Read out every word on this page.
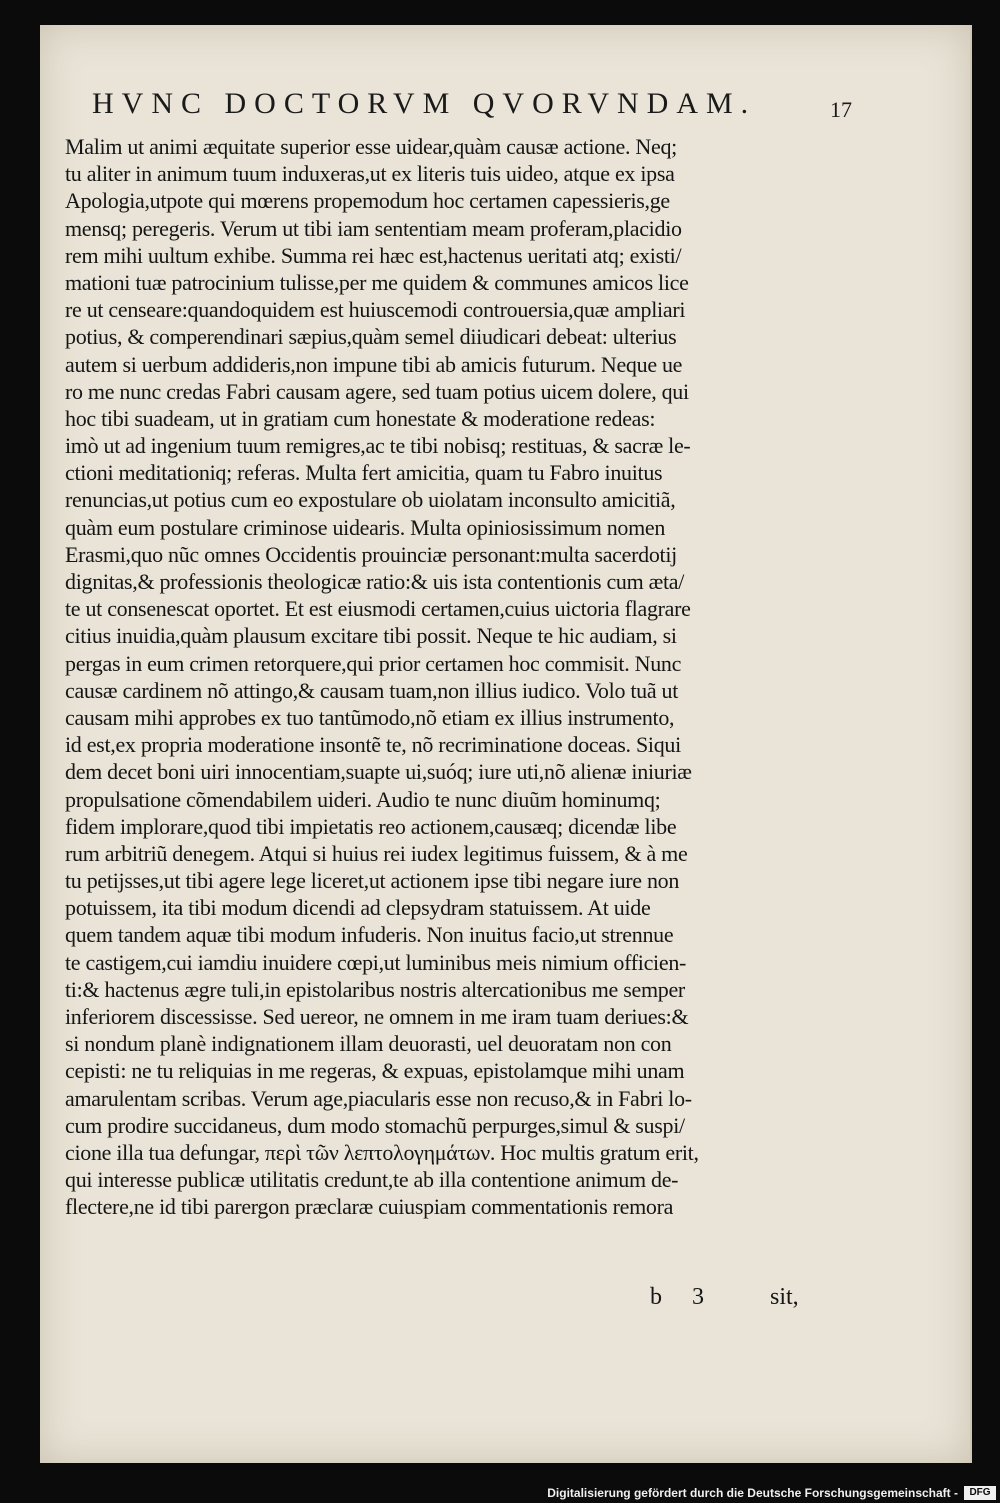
HVNC DOCTORVM QVORVNDAM.	17
Malim ut animi æquitate superior esse uidear,quàm causæ actione. Neq;
tu aliter in animum tuum induxeras,ut ex literis tuis uideo, atque ex ipsa
Apologia,utpote qui mœrens propemodum hoc certamen capessieris,ge
mensq; peregeris. Verum ut tibi iam sententiam meam proferam,placidio
rem mihi uultum exhibe. Summa rei hæc est,hactenus ueritati atq; existi/
mationi tuæ patrocinium tulisse,per me quidem & communes amicos lice
re ut censeare:quandoquidem est huiuscemodi controuersia,quæ ampliari
potius, & comperendinari sæpius,quàm semel diiudicari debeat: ulterius
autem si uerbum addideris,non impune tibi ab amicis futurum. Neque ue
ro me nunc credas Fabri causam agere, sed tuam potius uicem dolere, qui
hoc tibi suadeam, ut in gratiam cum honestate & moderatione redeas:
imò ut ad ingenium tuum remigres,ac te tibi nobisq; restituas, & sacræ le-
ctioni meditationiq; referas. Multa fert amicitia, quam tu Fabro inuitus
renuncias,ut potius cum eo expostulare ob uiolatam inconsulto amicitiã,
quàm eum postulare criminose uidearis. Multa opiniosissimum nomen
Erasmi,quo nũc omnes Occidentis prouinciæ personant:multa sacerdotij
dignitas,& professionis theologicæ ratio:& uis ista contentionis cum æta/
te ut consenescat oportet. Et est eiusmodi certamen,cuius uictoria flagrare
citius inuidia,quàm plausum excitare tibi possit. Neque te hic audiam, si
pergas in eum crimen retorquere,qui prior certamen hoc commisit. Nunc
causæ cardinem nõ attingo,& causam tuam,non illius iudico. Volo tuã ut
causam mihi approbes ex tuo tantũmodo,nõ etiam ex illius instrumento,
id est,ex propria moderatione insontẽ te, nõ recriminatione doceas. Siqui
dem decet boni uiri innocentiam,suapte ui,suóq; iure uti,nõ alienæ iniuriæ
propulsatione cõmendabilem uideri. Audio te nunc diuũm hominumq;
fidem implorare,quod tibi impietatis reo actionem,causæq; dicendæ libe
rum arbitriũ denegem. Atqui si huius rei iudex legitimus fuissem, & à me
tu petijsses,ut tibi agere lege liceret,ut actionem ipse tibi negare iure non
potuissem, ita tibi modum dicendi ad clepsydram statuissem. At uide
quem tandem aquæ tibi modum infuderis. Non inuitus facio,ut strennue
te castigem,cui iamdiu inuidere cœpi,ut luminibus meis nimium officien-
ti:& hactenus ægre tuli,in epistolaribus nostris altercationibus me semper
inferiorem discessisse. Sed uereor, ne omnem in me iram tuam deriues:&
si nondum planè indignationem illam deuorasti, uel deuoratam non con
cepisti: ne tu reliquias in me regeras, & expuas, epistolamque mihi unam
amarulentam scribas. Verum age,piacularis esse non recuso,& in Fabri lo-
cum prodire succidaneus, dum modo stomachũ perpurges,simul & suspi/
cione illa tua defungar, περὶ τῶν λεπτολογημάτων. Hoc multis gratum erit,
qui interesse publicæ utilitatis credunt,te ab illa contentione animum de-
flectere,ne id tibi parergon præclaræ cuiuspiam commentationis remora
b 3 sit,
Digitalisierung gefördert durch die Deutsche Forschungsgemeinschaft -	DFG
